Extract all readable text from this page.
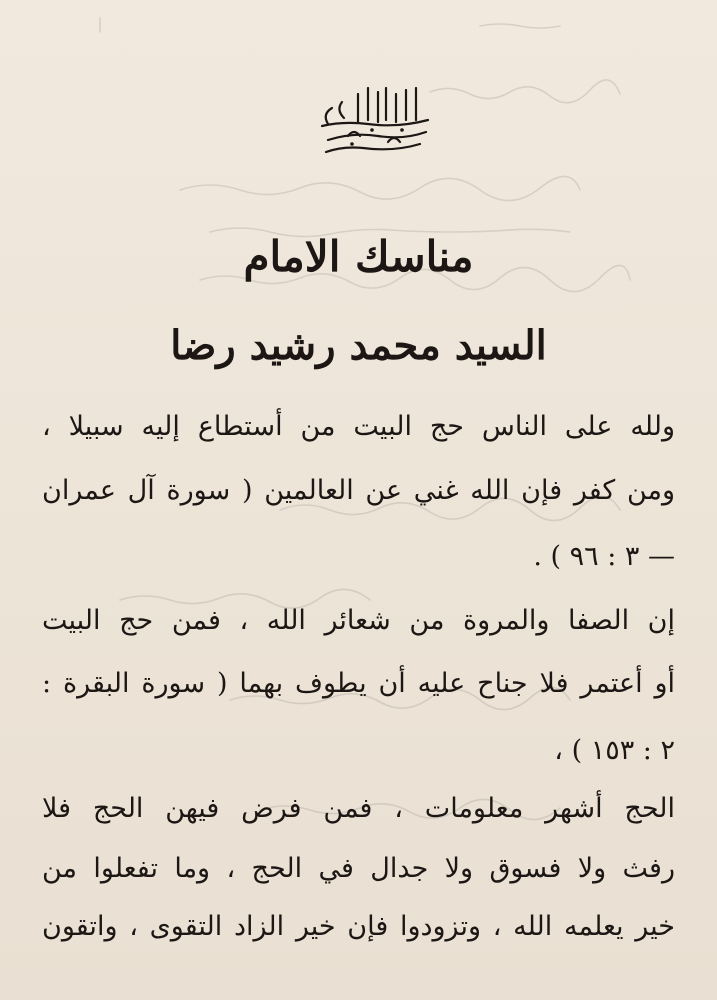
مناسك الامام
السيد محمد رشيد رضا
ولله على الناس حج البيت من أستطاع إليه سبيلا ،
ومن كفر فإن الله غني عن العالمين ( سورة آل عمران
— ٣ : ٩٦ ) .
إن الصفا والمروة من شعائر الله ، فمن حج البيت
أو أعتمر فلا جناح عليه أن يطوف بهما ( سورة البقرة :
٢ : ١٥٣ ) ،
الحج أشهر معلومات ، فمن فرض فيهن الحج فلا
رفث ولا فسوق ولا جدال في الحج ، وما تفعلوا من
خير يعلمه الله ، وتزودوا فإن خير الزاد التقوى ، واتقون
